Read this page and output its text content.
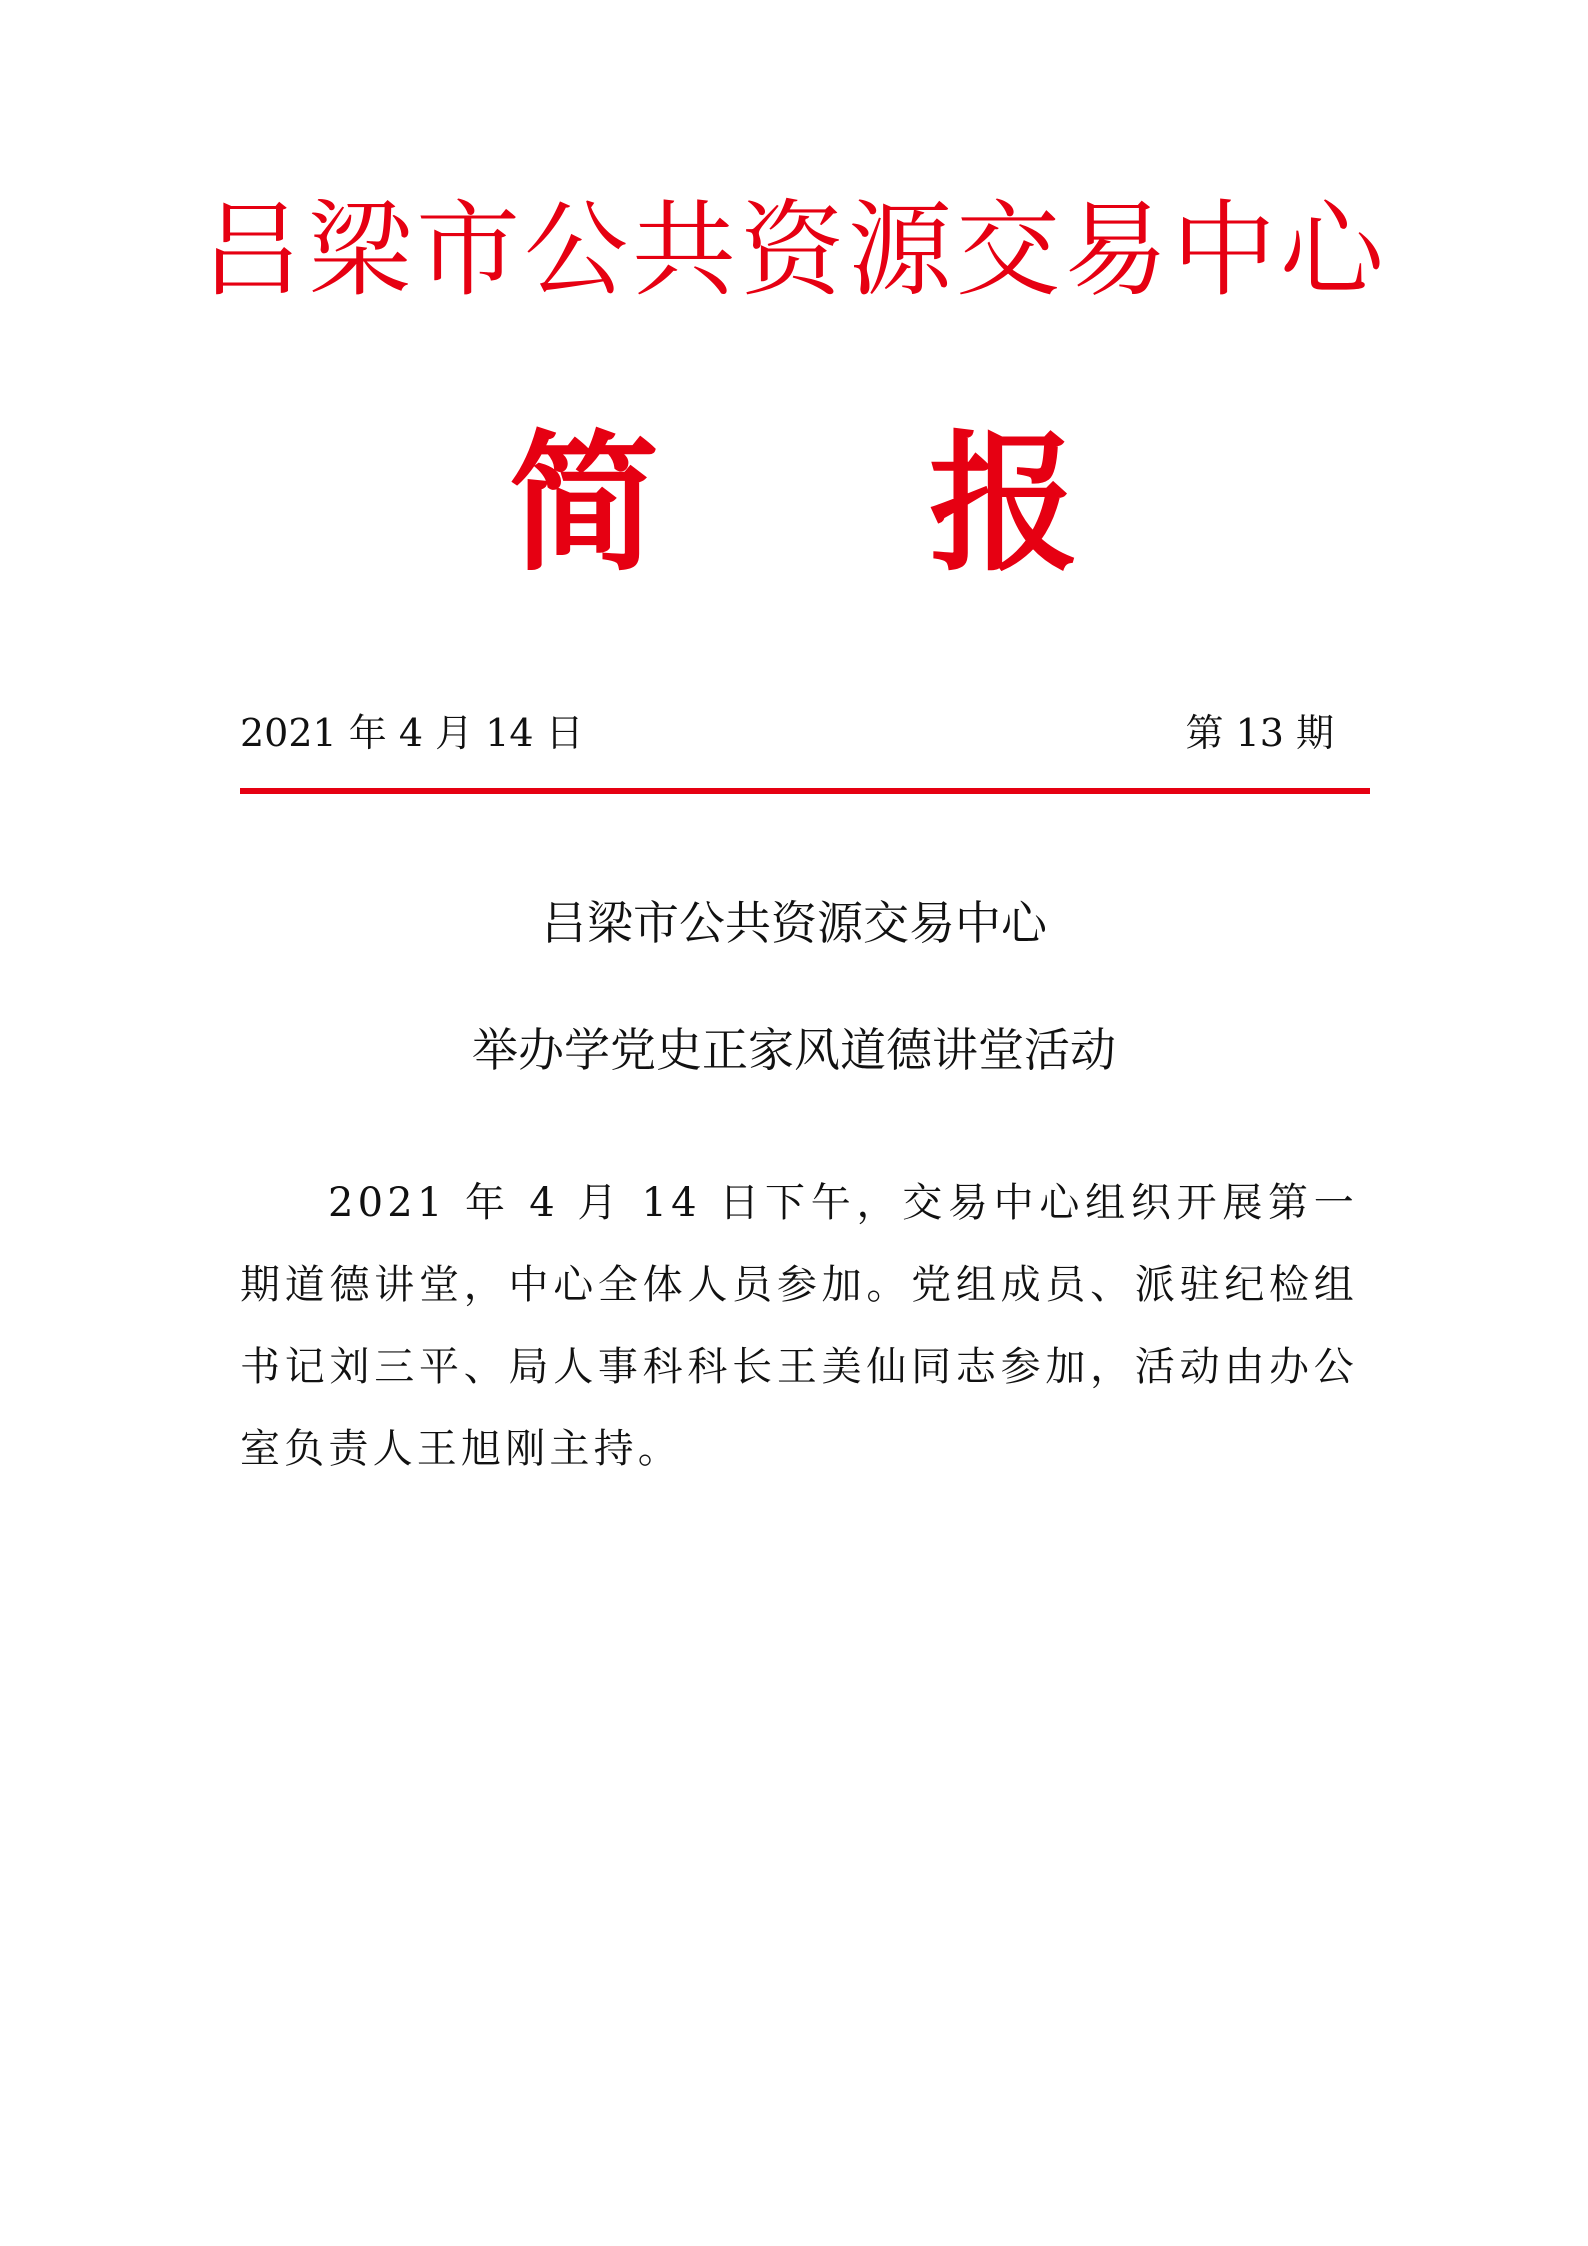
吕梁市公共资源交易中心
简报
2021 年 4 月 14 日	第 13 期
吕梁市公共资源交易中心
举办学党史正家风道德讲堂活动

2021 年 4 月 14 日下午，交易中心组织开展第一期道德讲堂，中心全体人员参加。党组成员、派驻纪检组书记刘三平、局人事科科长王美仙同志参加，活动由办公室负责人王旭刚主持。
